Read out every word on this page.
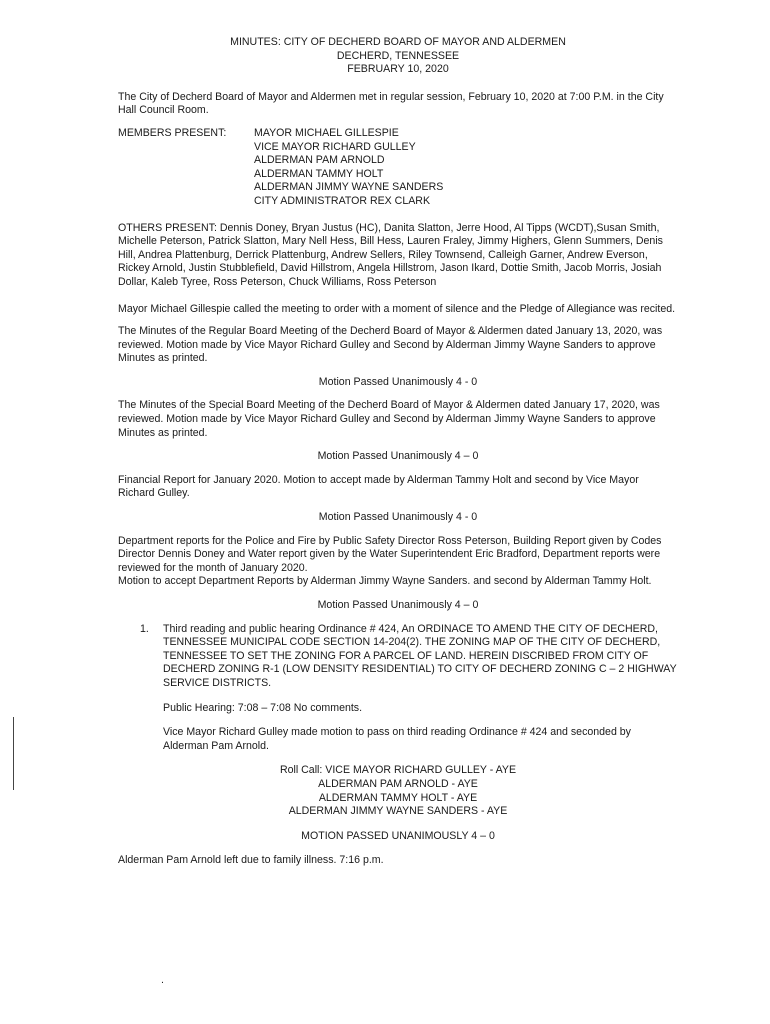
MINUTES: CITY OF DECHERD BOARD OF MAYOR AND ALDERMEN

DECHERD, TENNESSEE

FEBRUARY 10, 2020

The City of Decherd Board of Mayor and Aldermen met in regular session, February 10, 2020 at 7:00 P.M. in the City Hall Council Room.

MEMBERS PRESENT:	MAYOR MICHAEL GILLESPIE
VICE MAYOR RICHARD GULLEY
ALDERMAN PAM ARNOLD
ALDERMAN TAMMY HOLT
ALDERMAN JIMMY WAYNE SANDERS
CITY ADMINISTRATOR REX CLARK

OTHERS PRESENT: Dennis Doney, Bryan Justus (HC), Danita Slatton, Jerre Hood, Al Tipps (WCDT),Susan Smith, Michelle Peterson, Patrick Slatton, Mary Nell Hess, Bill Hess, Lauren Fraley, Jimmy Highers, Glenn Summers, Denis Hill, Andrea Plattenburg, Derrick Plattenburg, Andrew Sellers, Riley Townsend, Calleigh Garner, Andrew Everson, Rickey Arnold, Justin Stubblefield, David Hillstrom, Angela Hillstrom, Jason Ikard, Dottie Smith, Jacob Morris, Josiah Dollar, Kaleb Tyree, Ross Peterson, Chuck Williams, Ross Peterson

Mayor Michael Gillespie called the meeting to order with a moment of silence and the Pledge of Allegiance was recited.

The Minutes of the Regular Board Meeting of the Decherd Board of Mayor & Aldermen dated January 13, 2020, was reviewed. Motion made by Vice Mayor Richard Gulley and Second by Alderman Jimmy Wayne Sanders to approve Minutes as printed.

Motion Passed Unanimously 4 - 0

The Minutes of the Special Board Meeting of the Decherd Board of Mayor & Aldermen dated January 17, 2020, was reviewed. Motion made by Vice Mayor Richard Gulley and Second by Alderman Jimmy Wayne Sanders to approve Minutes as printed.

Motion Passed Unanimously 4 – 0

Financial Report for January 2020. Motion to accept made by Alderman Tammy Holt and second by Vice Mayor Richard Gulley.

Motion Passed Unanimously 4 - 0

Department reports for the Police and Fire by Public Safety Director Ross Peterson, Building Report given by Codes Director Dennis Doney and Water report given by the Water Superintendent Eric Bradford, Department reports were reviewed for the month of January 2020.

Motion to accept Department Reports by Alderman Jimmy Wayne Sanders. and second by Alderman Tammy Holt.

Motion Passed Unanimously 4 – 0

1.	Third reading and public hearing Ordinance # 424, An ORDINACE TO AMEND THE CITY OF DECHERD, TENNESSEE MUNICIPAL CODE SECTION 14-204(2). THE ZONING MAP OF THE CITY OF DECHERD, TENNESSEE TO SET THE ZONING FOR A PARCEL OF LAND. HEREIN DISCRIBED FROM CITY OF DECHERD ZONING R-1 (LOW DENSITY RESIDENTIAL) TO CITY OF DECHERD ZONING C – 2 HIGHWAY SERVICE DISTRICTS.

Public Hearing: 7:08 – 7:08 No comments.

Vice Mayor Richard Gulley made motion to pass on third reading Ordinance # 424 and seconded by Alderman Pam Arnold.

Roll Call: VICE MAYOR RICHARD GULLEY - AYE
ALDERMAN PAM ARNOLD - AYE
ALDERMAN TAMMY HOLT - AYE
ALDERMAN JIMMY WAYNE SANDERS - AYE

MOTION PASSED UNANIMOUSLY 4 – 0

Alderman Pam Arnold left due to family illness. 7:16 p.m.

.
